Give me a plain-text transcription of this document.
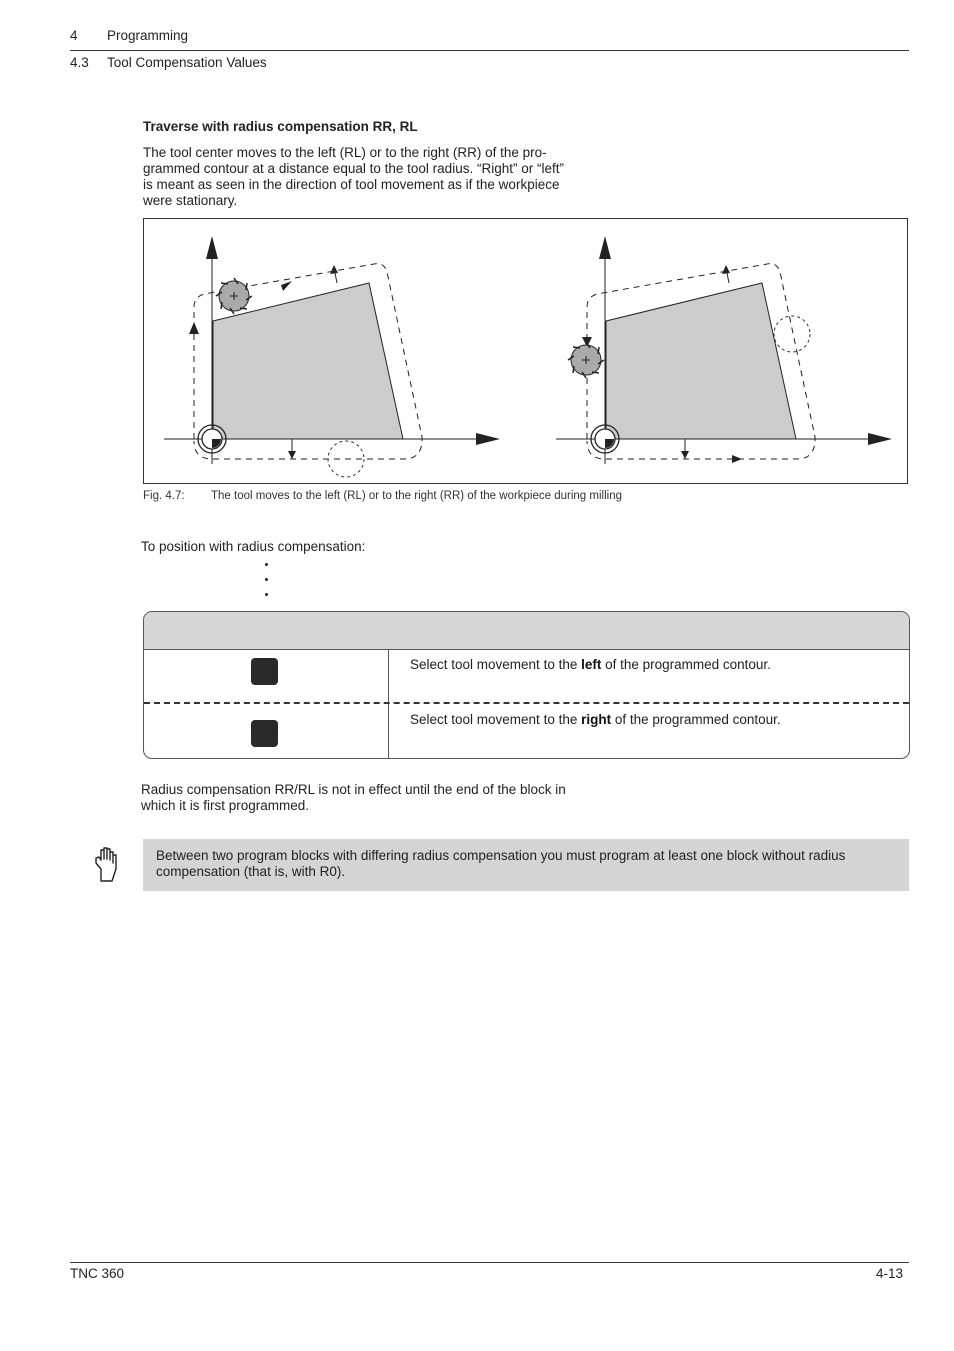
4 Programming
4.3 Tool Compensation Values
Traverse with radius compensation RR, RL
The tool center moves to the left (RL) or to the right (RR) of the pro-
grammed contour at a distance equal to the tool radius. “Right” or “left”
is meant as seen in the direction of tool movement as if the workpiece
were stationary.
Fig. 4.7: The tool moves to the left (RL) or to the right (RR) of the workpiece during milling
To position with radius compensation:
Select tool movement to the left of the programmed contour.
Select tool movement to the right of the programmed contour.
Radius compensation RR/RL is not in effect until the end of the block in
which it is first programmed.
Between two program blocks with differing radius compensation you must program at least one block without radius compensation (that is, with R0).
TNC 360	4-13
